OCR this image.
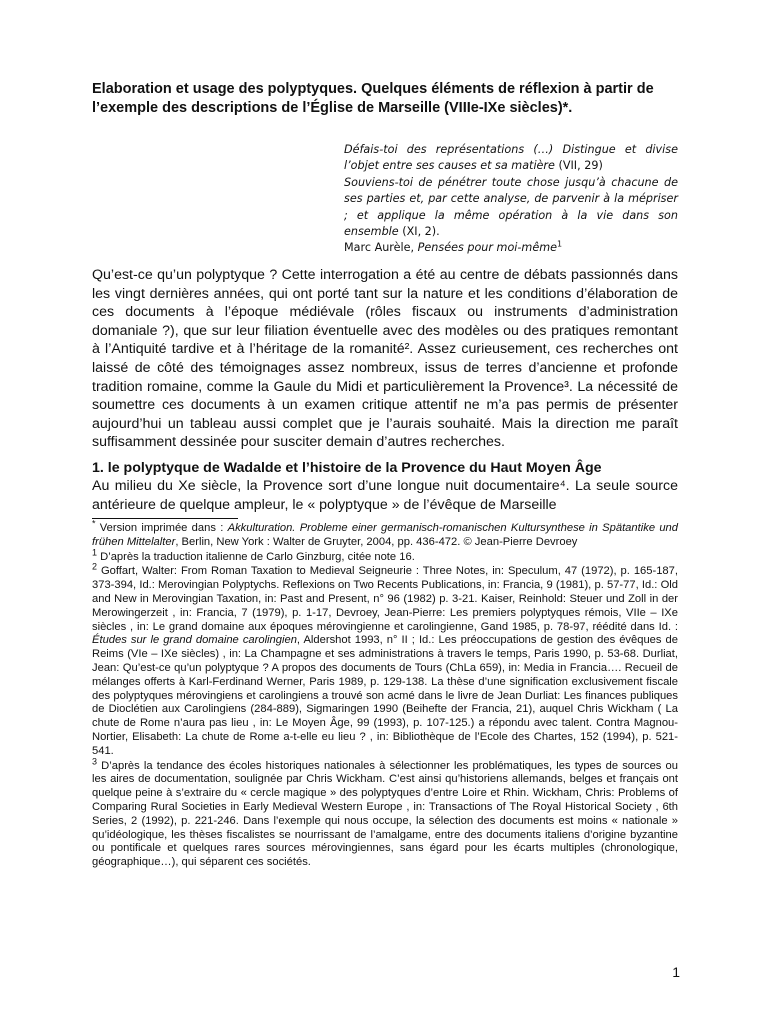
Elaboration et usage des polyptyques. Quelques éléments de réflexion à partir de l’exemple des descriptions de l’Église de Marseille (VIIIe-IXe siècles)*.

Défais-toi des représentations (…) Distingue et divise l’objet entre ses causes et sa matière (VII, 29)

Souviens-toi de pénétrer toute chose jusqu’à chacune de ses parties et, par cette analyse, de parvenir à la mépriser ; et applique la même opération à la vie dans son ensemble (XI, 2).

Marc Aurèle, Pensées pour moi-même$^1$

Qu’est-ce qu’un polyptyque ? Cette interrogation a été au centre de débats passionnés dans les vingt dernières années, qui ont porté tant sur la nature et les conditions d’élaboration de ces documents à l’époque médiévale (rôles fiscaux ou instruments d’administration domaniale ?), que sur leur filiation éventuelle avec des modèles ou des pratiques remontant à l’Antiquité tardive et à l’héritage de la romanité². Assez curieusement, ces recherches ont laissé de côté des témoignages assez nombreux, issus de terres d’ancienne et profonde tradition romaine, comme la Gaule du Midi et particulièrement la Provence³. La nécessité de soumettre ces documents à un examen critique attentif ne m’a pas permis de présenter aujourd’hui un tableau aussi complet que je l’aurais souhaité. Mais la direction me paraît suffisamment dessinée pour susciter demain d’autres recherches.

1. le polyptyque de Wadalde et l’histoire de la Provence du Haut Moyen Âge

Au milieu du Xe siècle, la Provence sort d’une longue nuit documentaire⁴. La seule source antérieure de quelque ampleur, le « polyptyque » de l’évêque de Marseille

* Version imprimée dans : Akkulturation. Probleme einer germanisch-romanischen Kultursynthese in Spätantike und frühen Mittelalter, Berlin, New York : Walter de Gruyter, 2004, pp. 436-472. © Jean-Pierre Devroey

$^1$ D’après la traduction italienne de Carlo Ginzburg, citée note 16.

$^2$ Goffart, Walter: From Roman Taxation to Medieval Seigneurie : Three Notes, in: Speculum, 47 (1972), p. 165-187, 373-394, Id.: Merovingian Polyptychs. Reflexions on Two Recents Publications, in: Francia, 9 (1981), p. 57-77, Id.: Old and New in Merovingian Taxation, in: Past and Present, n° 96 (1982) p. 3-21. Kaiser, Reinhold: Steuer und Zoll in der Merowingerzeit , in: Francia, 7 (1979), p. 1-17, Devroey, Jean-Pierre: Les premiers polyptyques rémois, VIIe – IXe siècles , in: Le grand domaine aux époques mérovingienne et carolingienne, Gand 1985, p. 78-97, réédité dans Id. : Études sur le grand domaine carolingien, Aldershot 1993, n° II ; Id.: Les préoccupations de gestion des évêques de Reims (VIe – IXe siècles) , in: La Champagne et ses administrations à travers le temps, Paris 1990, p. 53-68. Durliat, Jean: Qu’est-ce qu’un polyptyque ? A propos des documents de Tours (ChLa 659), in: Media in Francia…. Recueil de mélanges offerts à Karl-Ferdinand Werner, Paris 1989, p. 129-138. La thèse d’une signification exclusivement fiscale des polyptyques mérovingiens et carolingiens a trouvé son acmé dans le livre de Jean Durliat: Les finances publiques de Dioclétien aux Carolingiens (284-889), Sigmaringen 1990 (Beihefte der Francia, 21), auquel Chris Wickham ( La chute de Rome n’aura pas lieu , in: Le Moyen Âge, 99 (1993), p. 107-125.) a répondu avec talent. Contra Magnou-Nortier, Elisabeth: La chute de Rome a-t-elle eu lieu ? , in: Bibliothèque de l’Ecole des Chartes, 152 (1994), p. 521-541.

$^3$ D’après la tendance des écoles historiques nationales à sélectionner les problématiques, les types de sources ou les aires de documentation, soulignée par Chris Wickham. C’est ainsi qu’historiens allemands, belges et français ont quelque peine à s’extraire du « cercle magique » des polyptyques d’entre Loire et Rhin. Wickham, Chris: Problems of Comparing Rural Societies in Early Medieval Western Europe , in: Transactions of The Royal Historical Society , 6th Series, 2 (1992), p. 221-246. Dans l’exemple qui nous occupe, la sélection des documents est moins « nationale » qu’idéologique, les thèses fiscalistes se nourrissant de l’amalgame, entre des documents italiens d’origine byzantine ou pontificale et quelques rares sources mérovingiennes, sans égard pour les écarts multiples (chronologique, géographique…), qui séparent ces sociétés.

1
